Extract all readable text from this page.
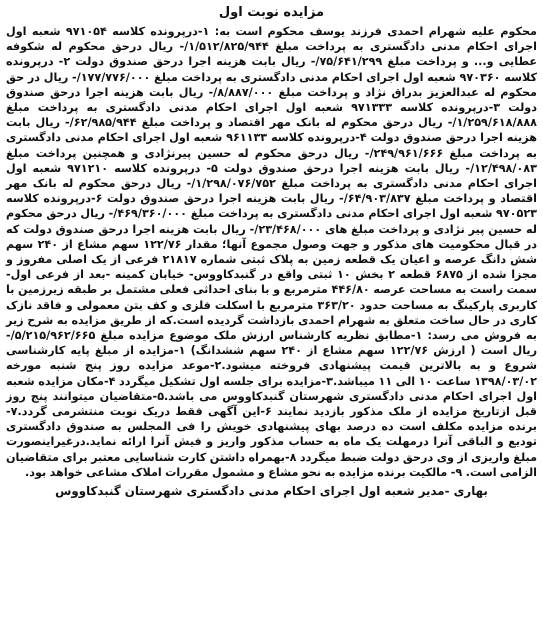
مزایده نوبت اول

محکوم علیه شهرام احمدی فرزند یوسف محکوم است به: ۱-درپرونده کلاسه ۹۷۱۰۵۴ شعبه اول اجرای احکام مدنی دادگستری به پرداخت مبلغ ۱/۵۱۲/۸۲۵/۹۴۴/- ریال درحق محکوم له شکوفه عطایی و... و پرداخت مبلغ ۷۵/۶۴۱/۲۹۹/- ریال بابت هزینه اجرا درحق صندوق دولت ۲- درپرونده کلاسه ۹۷۰۳۶۰ شعبه اول اجرای احکام مدنی دادگستری به پرداخت مبلغ ۱۷۷/۷۷۶/۰۰۰/- ریال در حق محکوم له عبدالعزیز بدراق نژاد و پرداخت مبلغ ۸/۸۸۷/۰۰۰/- ریال بابت هزینه اجرا درحق صندوق دولت ۳-درپرونده کلاسه ۹۷۱۳۳۳ شعبه اول اجرای احکام مدنی دادگستری به پرداخت مبلغ ۱/۲۵۹/۶۱۸/۸۸۸/- ریال درحق محکوم له بانک مهر اقتصاد و پرداخت مبلغ ۶۲/۹۸۵/۹۴۴/- ریال بابت هزینه اجرا درحق صندوق دولت ۴-درپرونده کلاسه ۹۶۱۱۳۳ شعبه اول اجرای احکام مدنی دادگستری به پرداخت مبلغ ۲۴۹/۹۶۱/۶۶۶/- ریال درحق محکوم له حسین پیرنژادی و همچنین پرداخت مبلغ ۱۲/۴۹۸/۰۸۳/- ریال بابت هزینه اجرا درحق صندوق دولت ۵- درپرونده کلاسه ۹۷۱۲۱۰ شعبه اول اجرای احکام مدنی دادگستری به پرداخت مبلغ ۱/۲۹۸/۰۷۶/۷۵۲/- ریال درحق محکوم له بانک مهر اقتصاد و پرداخت مبلغ ۶۴/۹۰۳/۸۳۷/- ریال بابت هزینه اجرا درحق صندوق دولت ۶-درپرونده کلاسه ۹۷۰۵۲۳ شعبه اول اجرای احکام مدنی دادگستری به پرداخت مبلغ ۴۶۹/۳۶۰/۰۰۰/- ریال درحق محکوم له حسین پیر نژادی و پرداخت مبلغ های ۲۳/۴۶۸/۰۰۰/- ریال بابت هزینه اجرا درحق صندوق دولت که در قبال محکومیت های مذکور و جهت وصول مجموع آنها؛ مقدار ۱۲۲/۷۶ سهم مشاع از ۲۴۰ سهم شش دانگ عرصه و اعیان یک قطعه زمین به پلاک ثبتی شماره ۲۱۸۱۷ فرعی از یک اصلی مفروز و مجزا شده از ۶۸۷۵ قطعه ۲ بخش ۱۰ ثبتی واقع در گنبدکاووس- خیابان کمینه -بعد از فرعی اول- سمت راست به مساحت عرصه ۴۴۶/۸۰ مترمربع و با بنای احداثی فعلی مشتمل بر طبقه زیرزمین با کاربری پارکینگ به مساحت حدود ۳۶۳/۲۰ مترمربع با اسکلت فلزی و کف بتن معمولی و فاقد نازک کاری در حال ساخت متعلق به شهرام احمدی بازداشت گردیده است.که از طریق مزایده به شرح زیر به فروش می رسد: ۱-مطابق نظریه کارشناس ارزش ملک موضوع مزایده مبلغ ۵/۲۱۵/۹۶۲/۶۶۵/- ریال است ( ارزش ۱۲۲/۷۶ سهم مشاع از ۲۴۰ سهم ششدانگ) ۱-مزایده از مبلغ پایه کارشناسی شروع و به بالاترین قیمت پیشنهادی فروخته میشود.۲-موعد مزایده روز پنج شنبه مورخه ۱۳۹۸/۰۳/۰۲ ساعت ۱۰ الی ۱۱ میباشد.۳-مزایده برای جلسه اول تشکیل میگردد ۴-مکان مزایده شعبه اول اجرای احکام مدنی دادگستری شهرستان گنبدکاووس می باشد.۵-متقاضیان میتوانند پنج روز قبل ازتاریخ مزایده از ملک مذکور بازدید نمایند ۶-این آگهی فقط دریک نوبت منتشرمی گردد.۷-برنده مزایده مکلف است ده درصد بهای پیشنهادی خویش را فی المجلس به صندوق دادگستری تودیع و الباقی آنرا درمهلت یک ماه به حساب مذکور واریز و فیش آنرا ارائه نماید.درغیراینصورت مبلغ واریزی از وی درحق دولت ضبط میگردد ۸-بهمراه داشتن کارت شناسایی معتبر برای متقاضیان الزامی است. ۹- مالکیت برنده مزایده به نحو مشاع و مشمول مقررات املاک مشاعی خواهد بود.

بهاری -مدیر شعبه اول اجرای احکام مدنی دادگستری شهرستان گنبدکاووس
